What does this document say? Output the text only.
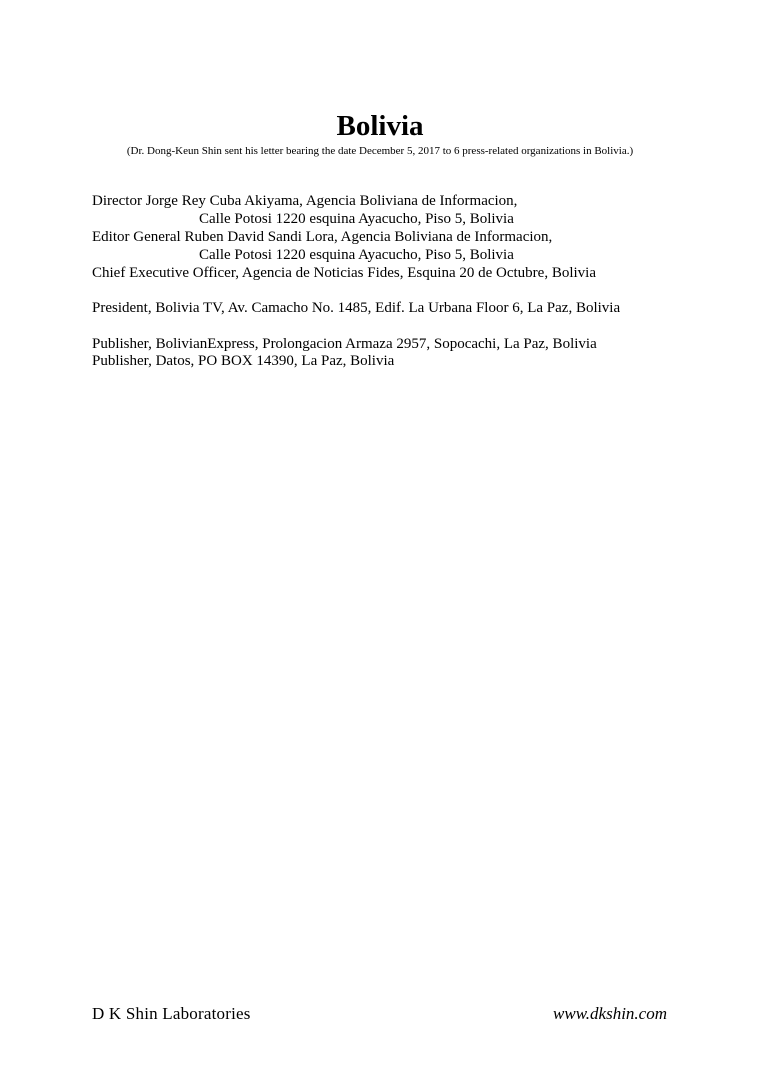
Bolivia
(Dr. Dong-Keun Shin sent his letter bearing the date December 5, 2017 to 6 press-related organizations in Bolivia.)
Director Jorge Rey Cuba Akiyama, Agencia Boliviana de Informacion,
Calle Potosi 1220 esquina Ayacucho, Piso 5, Bolivia
Editor General Ruben David Sandi Lora, Agencia Boliviana de Informacion,
Calle Potosi 1220 esquina Ayacucho, Piso 5, Bolivia
Chief Executive Officer, Agencia de Noticias Fides, Esquina 20 de Octubre, Bolivia
President, Bolivia TV, Av. Camacho No. 1485, Edif. La Urbana Floor 6, La Paz, Bolivia
Publisher, BolivianExpress, Prolongacion Armaza 2957, Sopocachi, La Paz, Bolivia
Publisher, Datos, PO BOX 14390, La Paz, Bolivia
D K Shin Laboratories	www.dkshin.com
